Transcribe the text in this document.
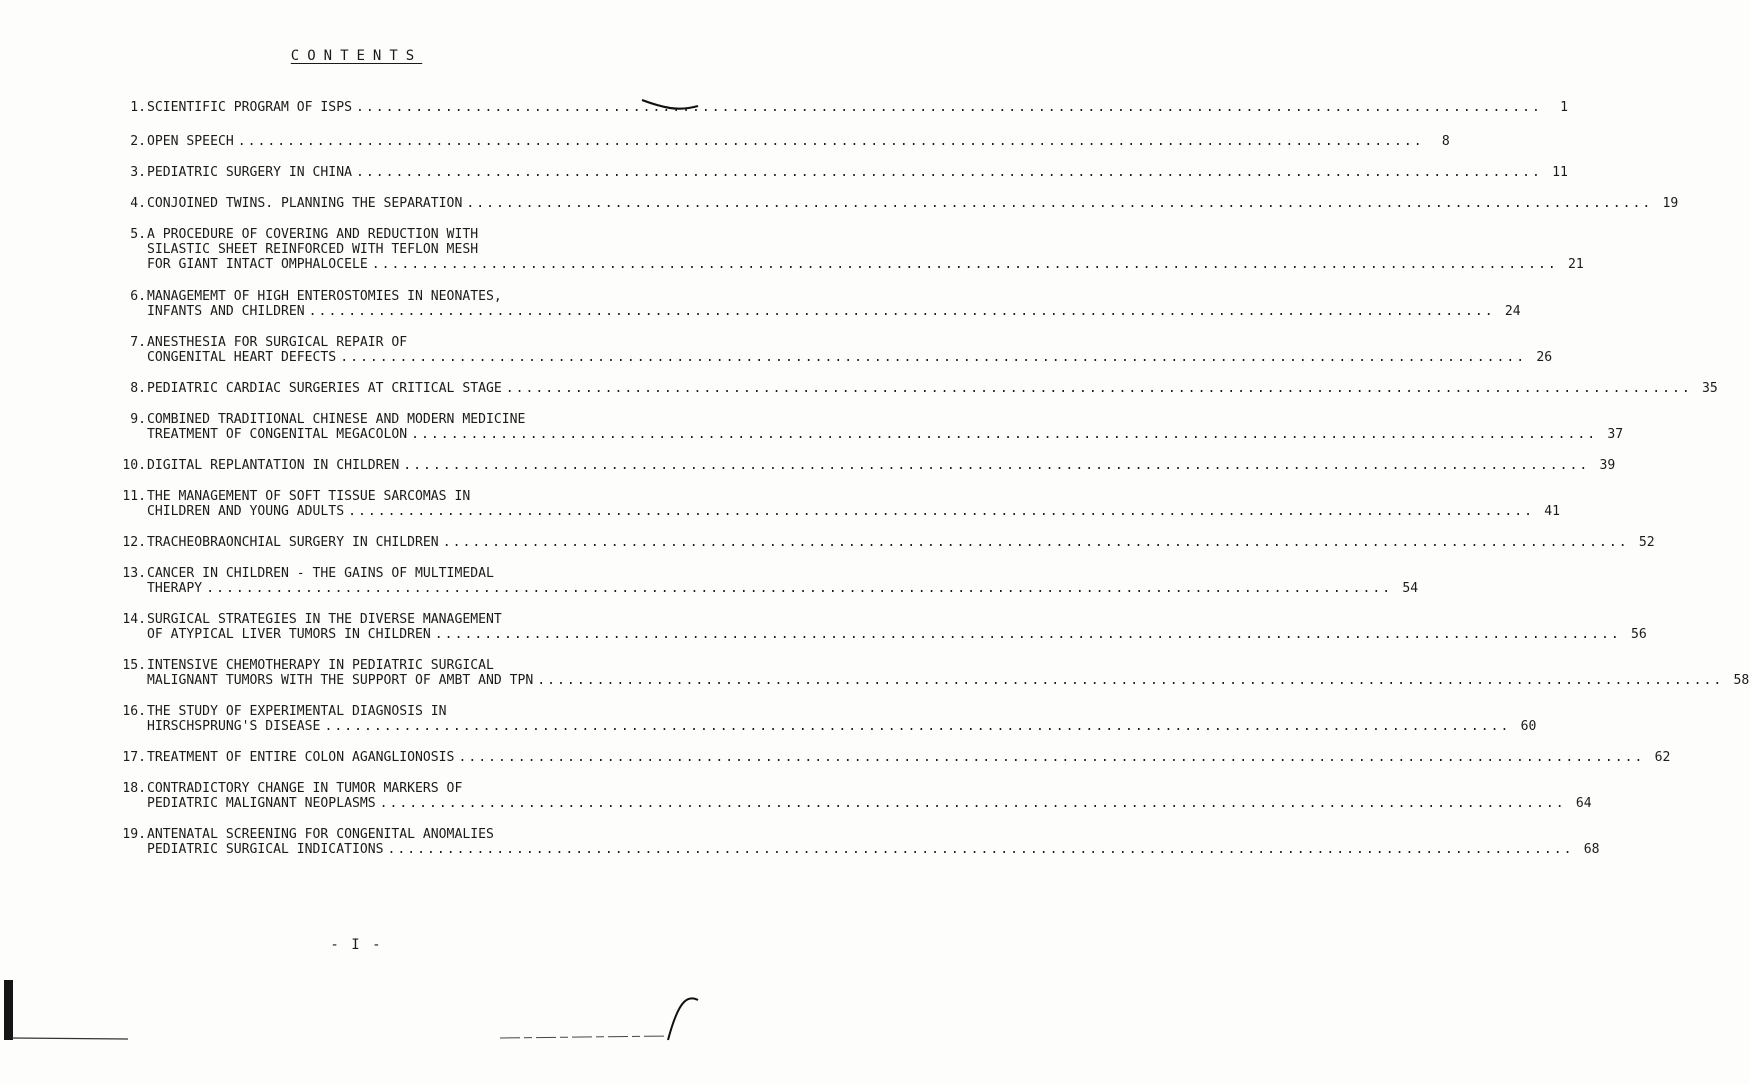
CONTENTS
1. SCIENTIFIC PROGRAM OF ISPS ........................................................................................................................	1
2. OPEN SPEECH ........................................................................................................................	8
3. PEDIATRIC SURGERY IN CHINA ........................................................................................................................ 11
4. CONJOINED TWINS. PLANNING THE SEPARATION ........................................................................................................................ 19
5. A PROCEDURE OF COVERING AND REDUCTION WITH
SILASTIC SHEET REINFORCED WITH TEFLON MESH
FOR GIANT INTACT OMPHALOCELE ........................................................................................................................ 21
6. MANAGEMEMT OF HIGH ENTEROSTOMIES IN NEONATES,
INFANTS AND CHILDREN ........................................................................................................................ 24
7. ANESTHESIA FOR SURGICAL REPAIR OF
CONGENITAL HEART DEFECTS ........................................................................................................................ 26
8. PEDIATRIC CARDIAC SURGERIES AT CRITICAL STAGE ........................................................................................................................ 35
9. COMBINED TRADITIONAL CHINESE AND MODERN MEDICINE
TREATMENT OF CONGENITAL MEGACOLON ........................................................................................................................ 37
10. DIGITAL REPLANTATION IN CHILDREN ........................................................................................................................ 39
11. THE MANAGEMENT OF SOFT TISSUE SARCOMAS IN
CHILDREN AND YOUNG ADULTS ........................................................................................................................ 41
12. TRACHEOBRAONCHIAL SURGERY IN CHILDREN ........................................................................................................................ 52
13. CANCER IN CHILDREN - THE GAINS OF MULTIMEDAL
THERAPY ........................................................................................................................ 54
14. SURGICAL STRATEGIES IN THE DIVERSE MANAGEMENT
OF ATYPICAL LIVER TUMORS IN CHILDREN ........................................................................................................................ 56
15. INTENSIVE CHEMOTHERAPY IN PEDIATRIC SURGICAL
MALIGNANT TUMORS WITH THE SUPPORT OF AMBT AND TPN ........................................................................................................................ 58
16. THE STUDY OF EXPERIMENTAL DIAGNOSIS IN
HIRSCHSPRUNG'S DISEASE ........................................................................................................................ 60
17. TREATMENT OF ENTIRE COLON AGANGLIONOSIS ........................................................................................................................ 62
18. CONTRADICTORY CHANGE IN TUMOR MARKERS OF
PEDIATRIC MALIGNANT NEOPLASMS ........................................................................................................................ 64
19. ANTENATAL SCREENING FOR CONGENITAL ANOMALIES
PEDIATRIC SURGICAL INDICATIONS ........................................................................................................................ 68
- I -
